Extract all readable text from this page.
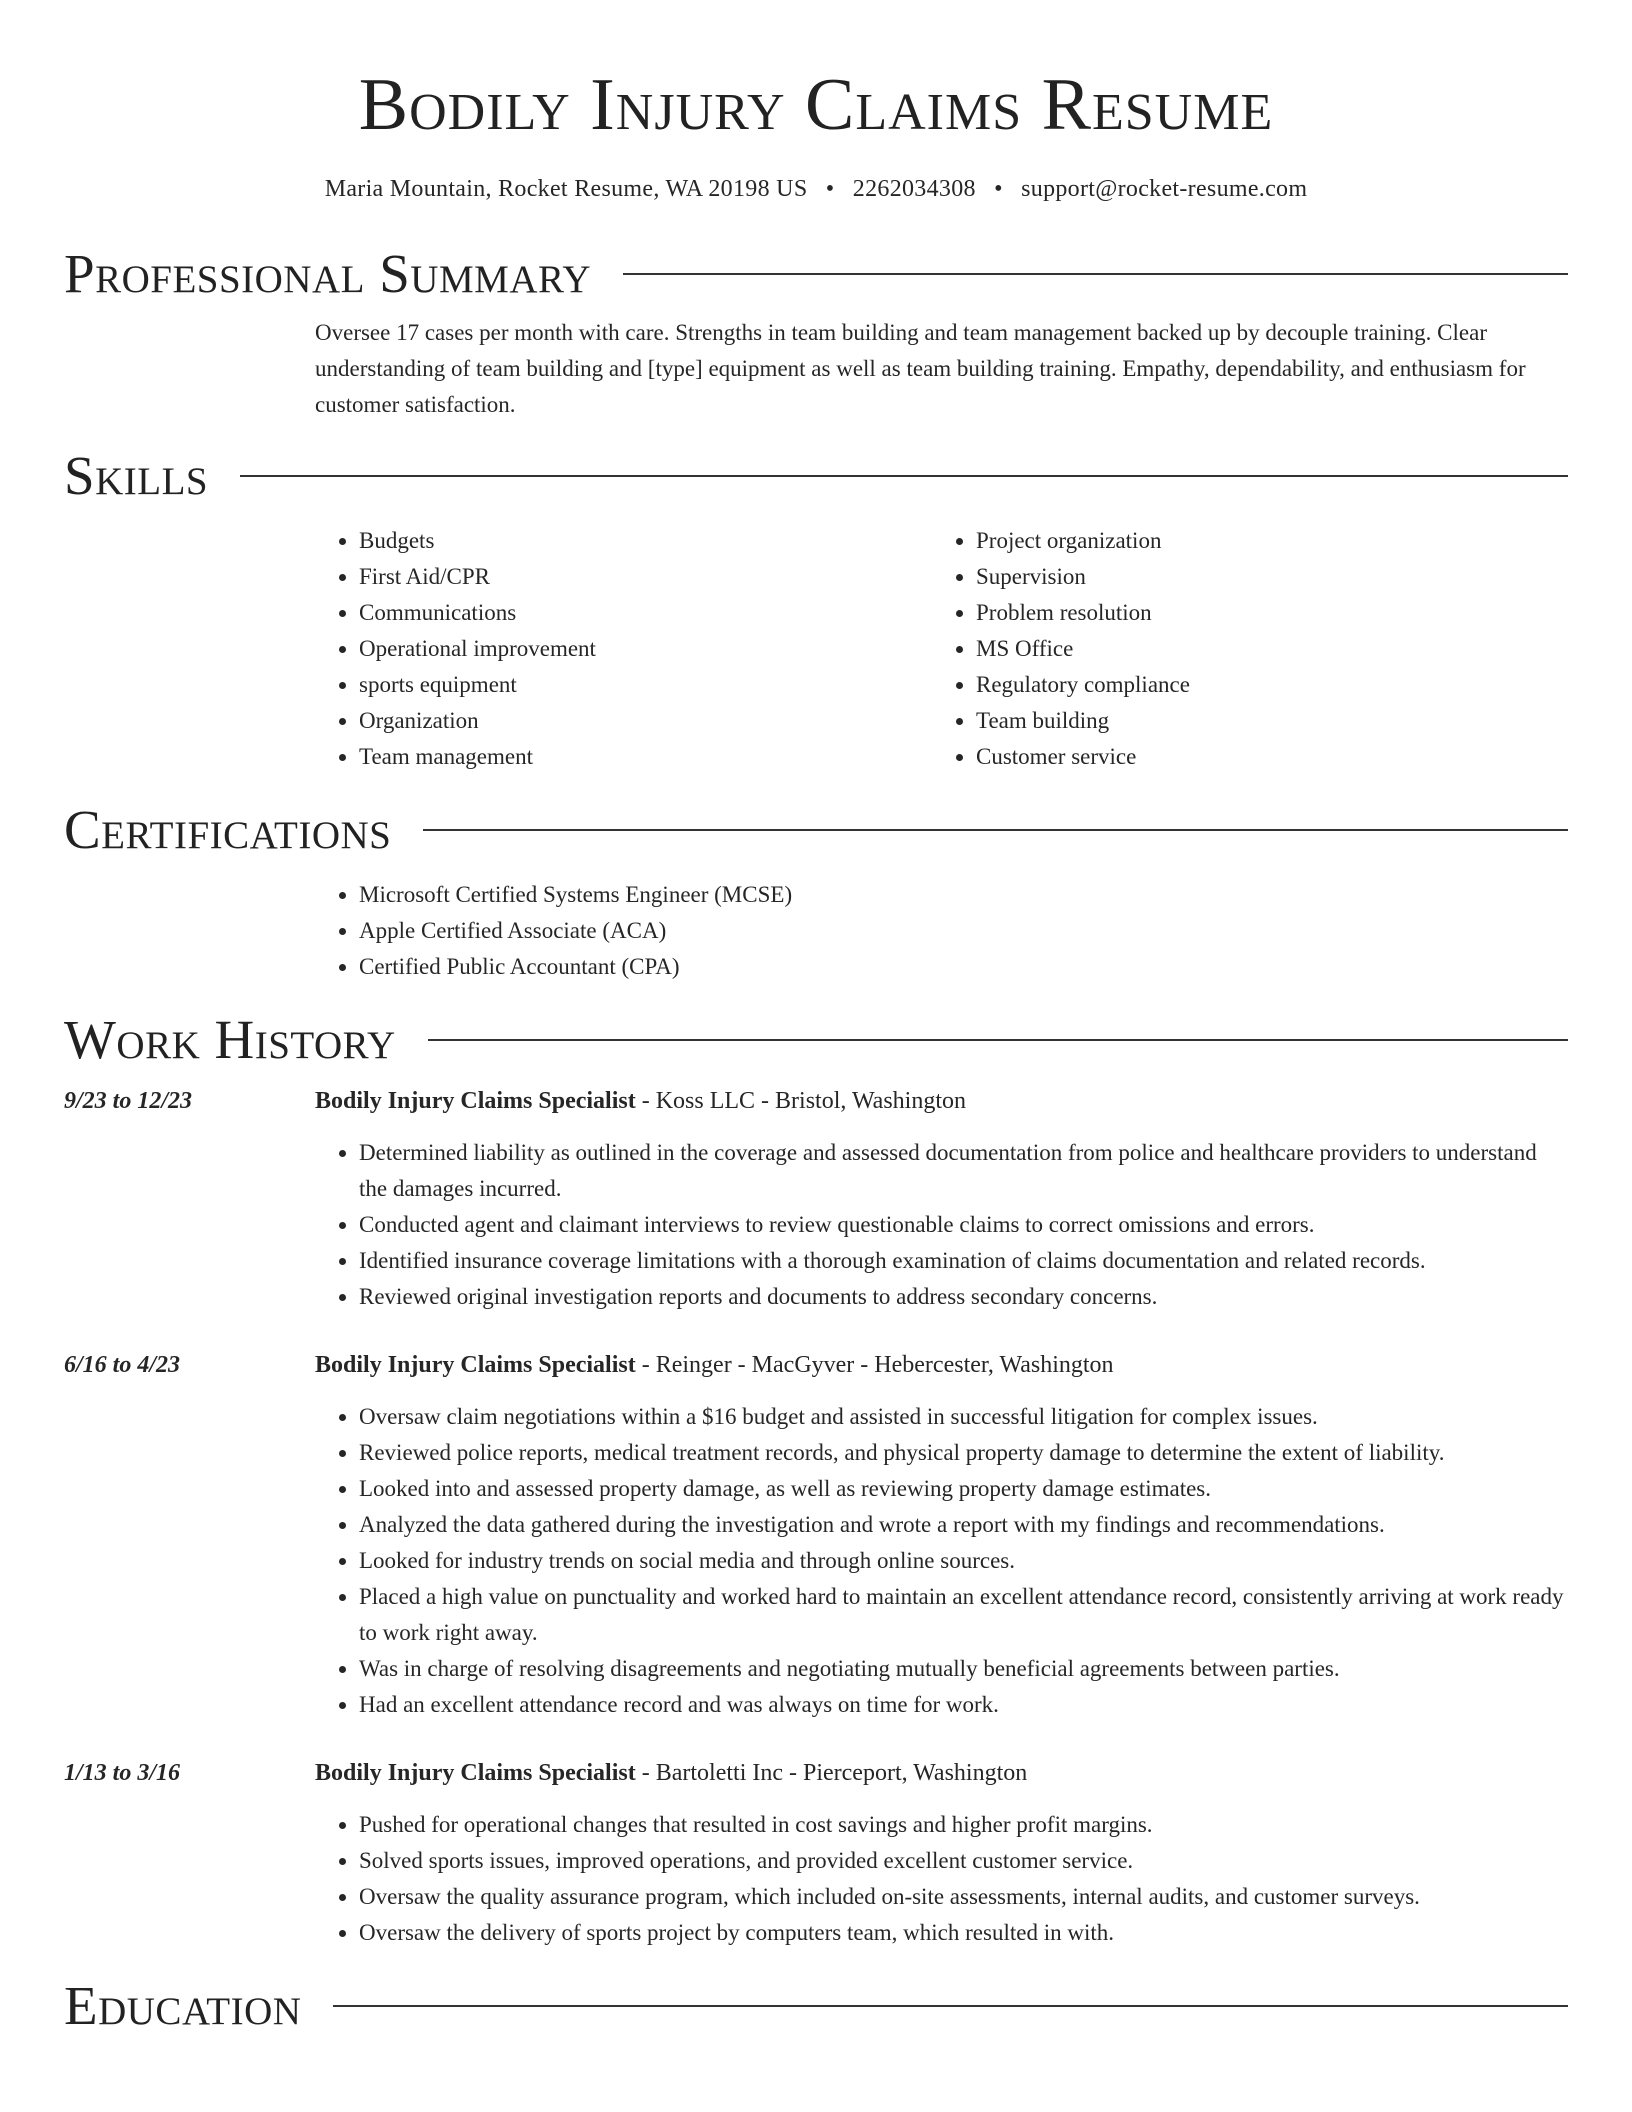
Bodily Injury Claims Resume
Maria Mountain, Rocket Resume, WA 20198 US • 2262034308 • support@rocket-resume.com
Professional Summary

Oversee 17 cases per month with care. Strengths in team building and team management backed up by decouple training. Clear understanding of team building and [type] equipment as well as team building training. Empathy, dependability, and enthusiasm for customer satisfaction.

Skills
• Budgets
• First Aid/CPR
• Communications
• Operational improvement
• sports equipment
• Organization
• Team management
• Project organization
• Supervision
• Problem resolution
• MS Office
• Regulatory compliance
• Team building
• Customer service
Certifications
• Microsoft Certified Systems Engineer (MCSE)
• Apple Certified Associate (ACA)
• Certified Public Accountant (CPA)
Work History
9/23 to 12/23	Bodily Injury Claims Specialist - Koss LLC - Bristol, Washington
• Determined liability as outlined in the coverage and assessed documentation from police and healthcare providers to understand the damages incurred.
• Conducted agent and claimant interviews to review questionable claims to correct omissions and errors.
• Identified insurance coverage limitations with a thorough examination of claims documentation and related records.
• Reviewed original investigation reports and documents to address secondary concerns.
6/16 to 4/23	Bodily Injury Claims Specialist - Reinger - MacGyver - Hebercester, Washington
• Oversaw claim negotiations within a $16 budget and assisted in successful litigation for complex issues.
• Reviewed police reports, medical treatment records, and physical property damage to determine the extent of liability.
• Looked into and assessed property damage, as well as reviewing property damage estimates.
• Analyzed the data gathered during the investigation and wrote a report with my findings and recommendations.
• Looked for industry trends on social media and through online sources.
• Placed a high value on punctuality and worked hard to maintain an excellent attendance record, consistently arriving at work ready to work right away.
• Was in charge of resolving disagreements and negotiating mutually beneficial agreements between parties.
• Had an excellent attendance record and was always on time for work.
1/13 to 3/16	Bodily Injury Claims Specialist - Bartoletti Inc - Pierceport, Washington
• Pushed for operational changes that resulted in cost savings and higher profit margins.
• Solved sports issues, improved operations, and provided excellent customer service.
• Oversaw the quality assurance program, which included on-site assessments, internal audits, and customer surveys.
• Oversaw the delivery of sports project by computers team, which resulted in with.
Education
